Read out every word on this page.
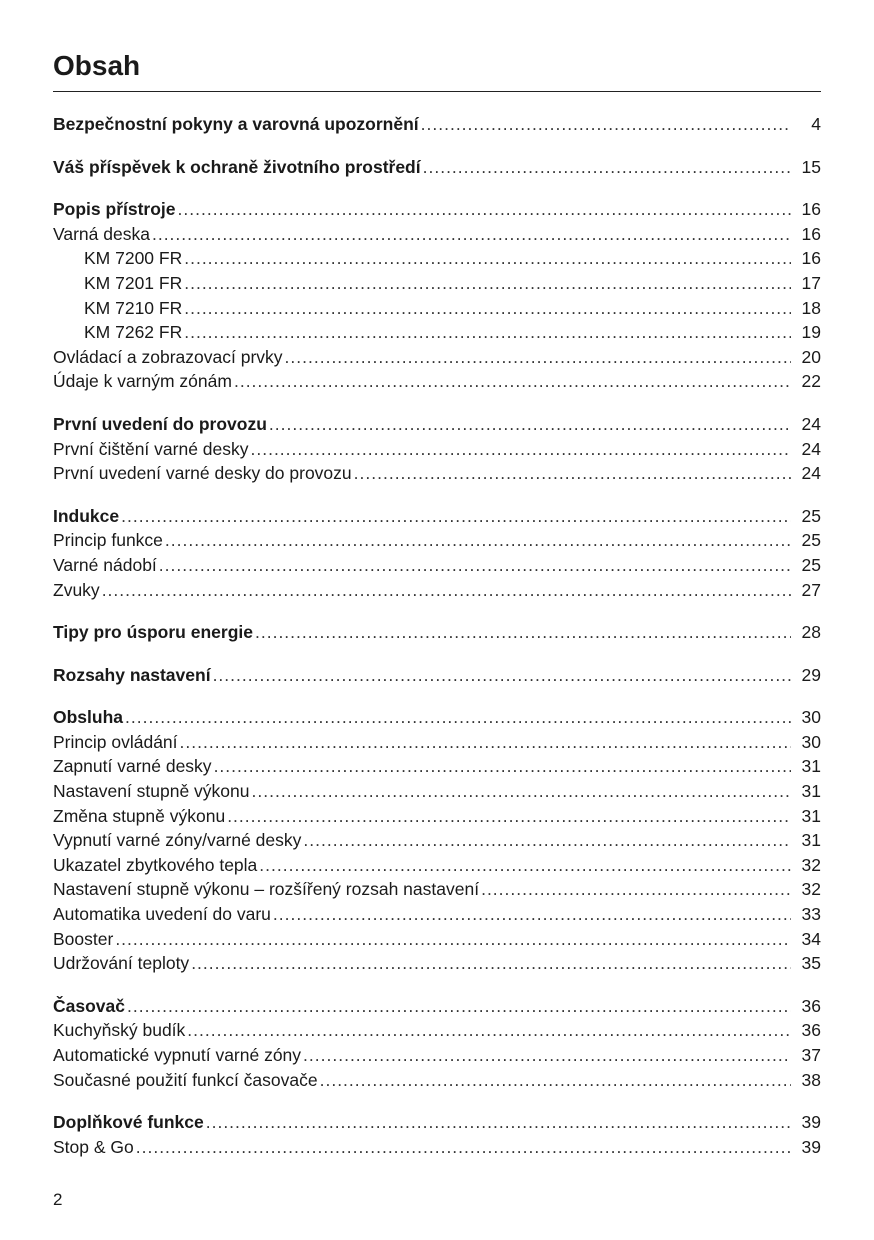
Obsah
Bezpečnostní pokyny a varovná upozornění .....	4
Váš příspěvek k ochraně životního prostředí .....	15
Popis přístroje .....	16
Varná deska .....	16
KM 7200 FR .....	16
KM 7201 FR .....	17
KM 7210 FR .....	18
KM 7262 FR .....	19
Ovládací a zobrazovací prvky .....	20
Údaje k varným zónám .....	22
První uvedení do provozu .....	24
První čištění varné desky .....	24
První uvedení varné desky do provozu .....	24
Indukce .....	25
Princip funkce .....	25
Varné nádobí .....	25
Zvuky .....	27
Tipy pro úsporu energie .....	28
Rozsahy nastavení .....	29
Obsluha .....	30
Princip ovládání .....	30
Zapnutí varné desky .....	31
Nastavení stupně výkonu .....	31
Změna stupně výkonu .....	31
Vypnutí varné zóny/varné desky .....	31
Ukazatel zbytkového tepla .....	32
Nastavení stupně výkonu – rozšířený rozsah nastavení .....	32
Automatika uvedení do varu .....	33
Booster .....	34
Udržování teploty .....	35
Časovač .....	36
Kuchyňský budík .....	36
Automatické vypnutí varné zóny .....	37
Současné použití funkcí časovače .....	38
Doplňkové funkce .....	39
Stop & Go .....	39
2
